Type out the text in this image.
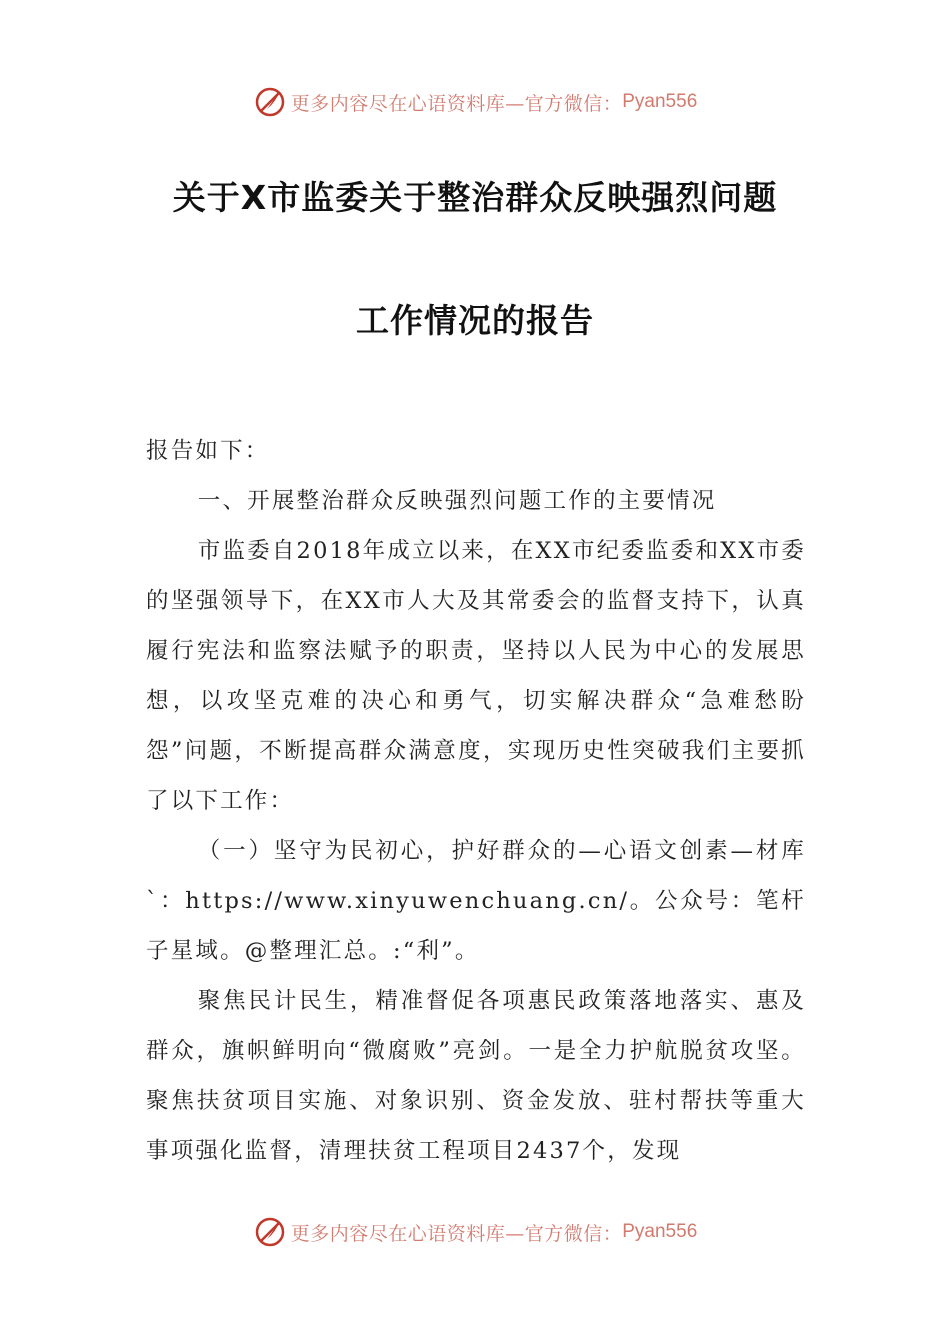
更多内容尽在心语资料库—官方微信： Pyan556
关于X市监委关于整治群众反映强烈问题
工作情况的报告

报告如下：

一、开展整治群众反映强烈问题工作的主要情况

市监委自2018年成立以来，在XX市纪委监委和XX市委的坚强领导下，在XX市人大及其常委会的监督支持下，认真履行宪法和监察法赋予的职责，坚持以人民为中心的发展思想，以攻坚克难的决心和勇气，切实解决群众“急难愁盼怨”问题，不断提高群众满意度，实现历史性突破我们主要抓了以下工作：

（一）坚守为民初心，护好群众的—心语文创素—材库`：https://www.xinyuwenchuang.cn/。公众号：笔杆子星域。@整理汇总。:“利”。

聚焦民计民生，精准督促各项惠民政策落地落实、惠及群众，旗帜鲜明向“微腐败”亮剑。一是全力护航脱贫攻坚。聚焦扶贫项目实施、对象识别、资金发放、驻村帮扶等重大事项强化监督，清理扶贫工程项目2437个，发现

更多内容尽在心语资料库—官方微信： Pyan556
